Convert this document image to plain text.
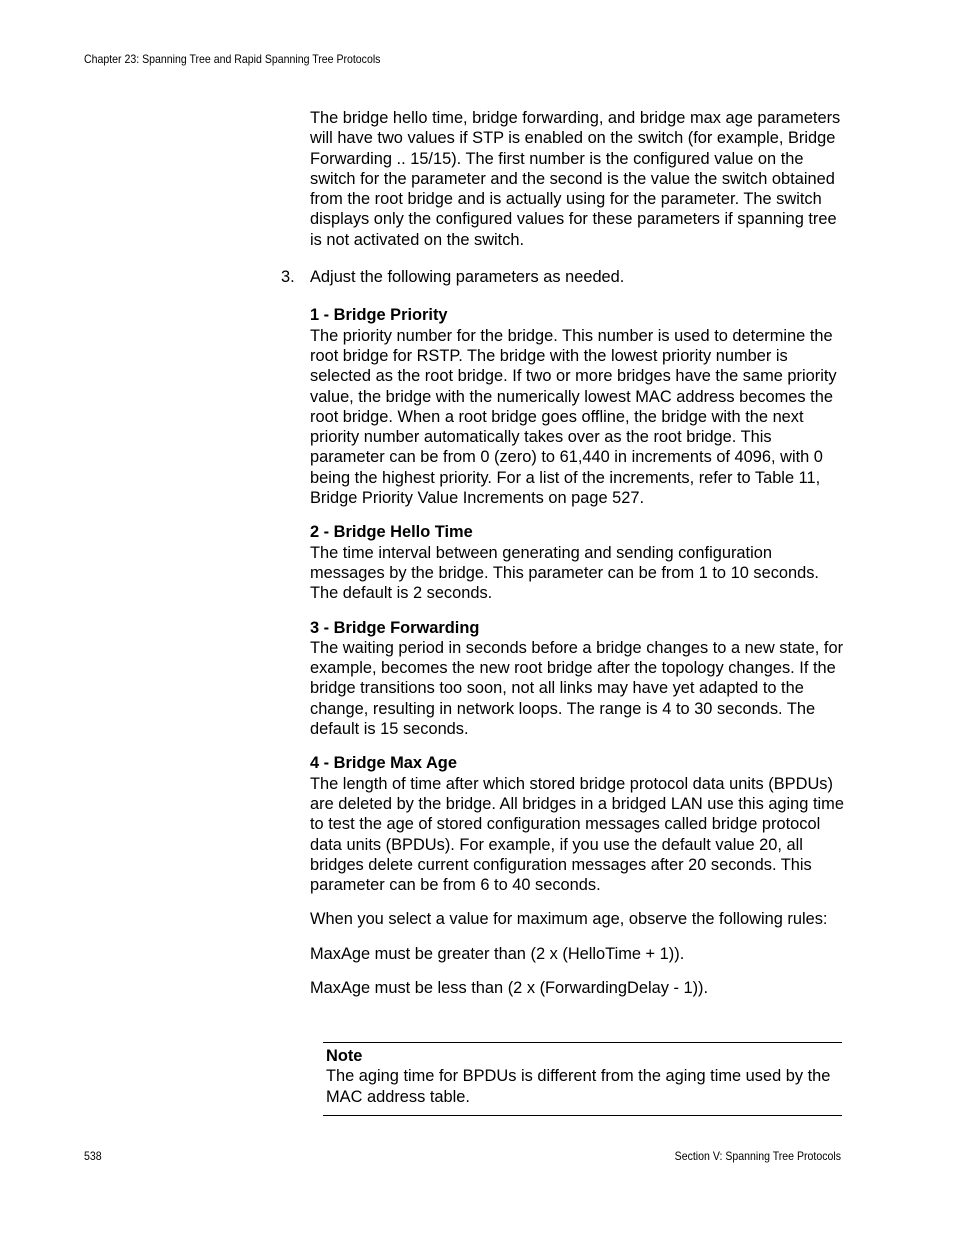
Chapter 23: Spanning Tree and Rapid Spanning Tree Protocols

The bridge hello time, bridge forwarding, and bridge max age parameters will have two values if STP is enabled on the switch (for example, Bridge Forwarding .. 15/15). The first number is the configured value on the switch for the parameter and the second is the value the switch obtained from the root bridge and is actually using for the parameter. The switch displays only the configured values for these parameters if spanning tree is not activated on the switch.

3. Adjust the following parameters as needed.

1 - Bridge Priority
The priority number for the bridge. This number is used to determine the root bridge for RSTP. The bridge with the lowest priority number is selected as the root bridge. If two or more bridges have the same priority value, the bridge with the numerically lowest MAC address becomes the root bridge. When a root bridge goes offline, the bridge with the next priority number automatically takes over as the root bridge. This parameter can be from 0 (zero) to 61,440 in increments of 4096, with 0 being the highest priority. For a list of the increments, refer to Table 11, Bridge Priority Value Increments on page 527.
2 - Bridge Hello Time
The time interval between generating and sending configuration messages by the bridge. This parameter can be from 1 to 10 seconds. The default is 2 seconds.
3 - Bridge Forwarding
The waiting period in seconds before a bridge changes to a new state, for example, becomes the new root bridge after the topology changes. If the bridge transitions too soon, not all links may have yet adapted to the change, resulting in network loops. The range is 4 to 30 seconds. The default is 15 seconds.
4 - Bridge Max Age
The length of time after which stored bridge protocol data units (BPDUs) are deleted by the bridge. All bridges in a bridged LAN use this aging time to test the age of stored configuration messages called bridge protocol data units (BPDUs). For example, if you use the default value 20, all bridges delete current configuration messages after 20 seconds. This parameter can be from 6 to 40 seconds.

When you select a value for maximum age, observe the following rules:

MaxAge must be greater than (2 x (HelloTime + 1)).

MaxAge must be less than (2 x (ForwardingDelay - 1)).

Note
The aging time for BPDUs is different from the aging time used by the MAC address table.
538	Section V: Spanning Tree Protocols
